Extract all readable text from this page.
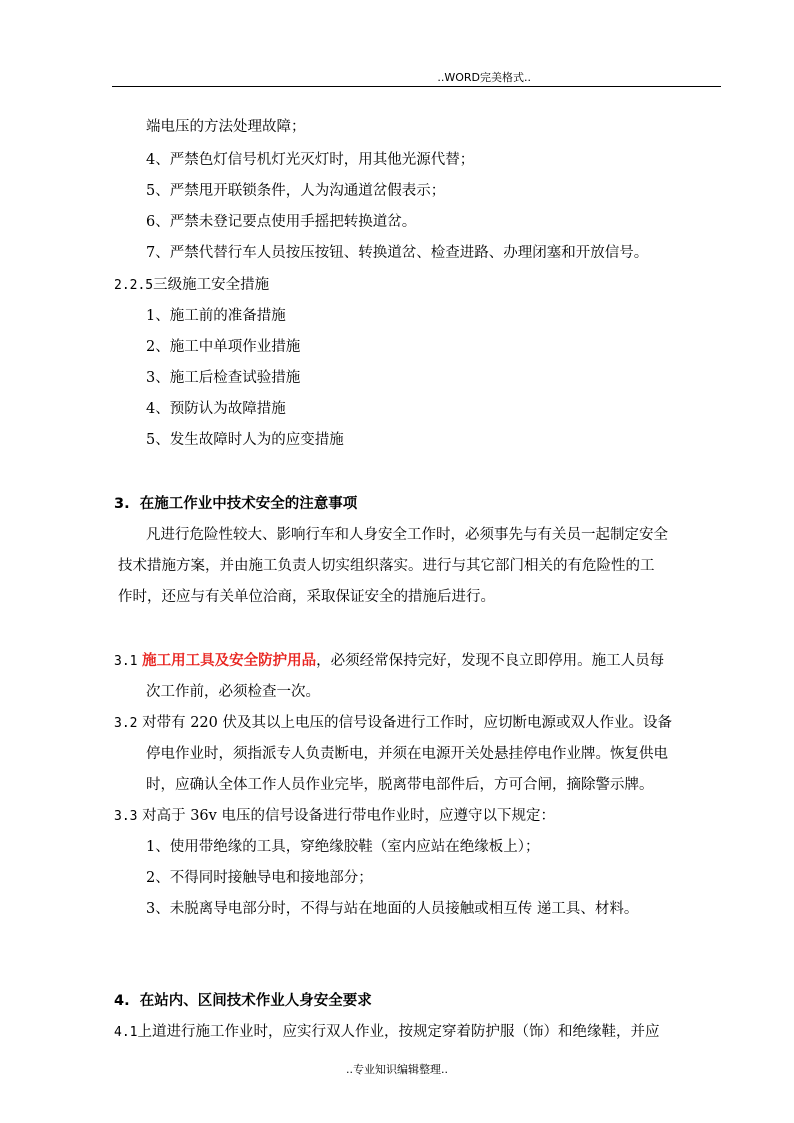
..WORD完美格式..
端电压的方法处理故障；
4、严禁色灯信号机灯光灭灯时，用其他光源代替；
5、严禁甩开联锁条件，人为沟通道岔假表示；
6、严禁未登记要点使用手摇把转换道岔。
7、严禁代替行车人员按压按钮、转换道岔、检查进路、办理闭塞和开放信号。
2.2.5三级施工安全措施
1、施工前的准备措施
2、施工中单项作业措施
3、施工后检查试验措施
4、预防认为故障措施
5、发生故障时人为的应变措施
3. 在施工作业中技术安全的注意事项
凡进行危险性较大、影响行车和人身安全工作时，必须事先与有关员一起制定安全
技术措施方案，并由施工负责人切实组织落实。进行与其它部门相关的有危险性的工
作时，还应与有关单位洽商，采取保证安全的措施后进行。
3.1 施工用工具及安全防护用品，必须经常保持完好，发现不良立即停用。施工人员每
次工作前，必须检查一次。
3.2 对带有 220 伏及其以上电压的信号设备进行工作时，应切断电源或双人作业。设备
停电作业时，须指派专人负责断电，并须在电源开关处悬挂停电作业牌。恢复供电
时，应确认全体工作人员作业完毕，脱离带电部件后，方可合闸，摘除警示牌。
3.3 对高于 36v 电压的信号设备进行带电作业时，应遵守以下规定：
1、使用带绝缘的工具，穿绝缘胶鞋（室内应站在绝缘板上）；
2、不得同时接触导电和接地部分；
3、未脱离导电部分时，不得与站在地面的人员接触或相互传 递工具、材料。
4. 在站内、区间技术作业人身安全要求
4.1上道进行施工作业时，应实行双人作业，按规定穿着防护服（饰）和绝缘鞋，并应
..专业知识编辑整理..
